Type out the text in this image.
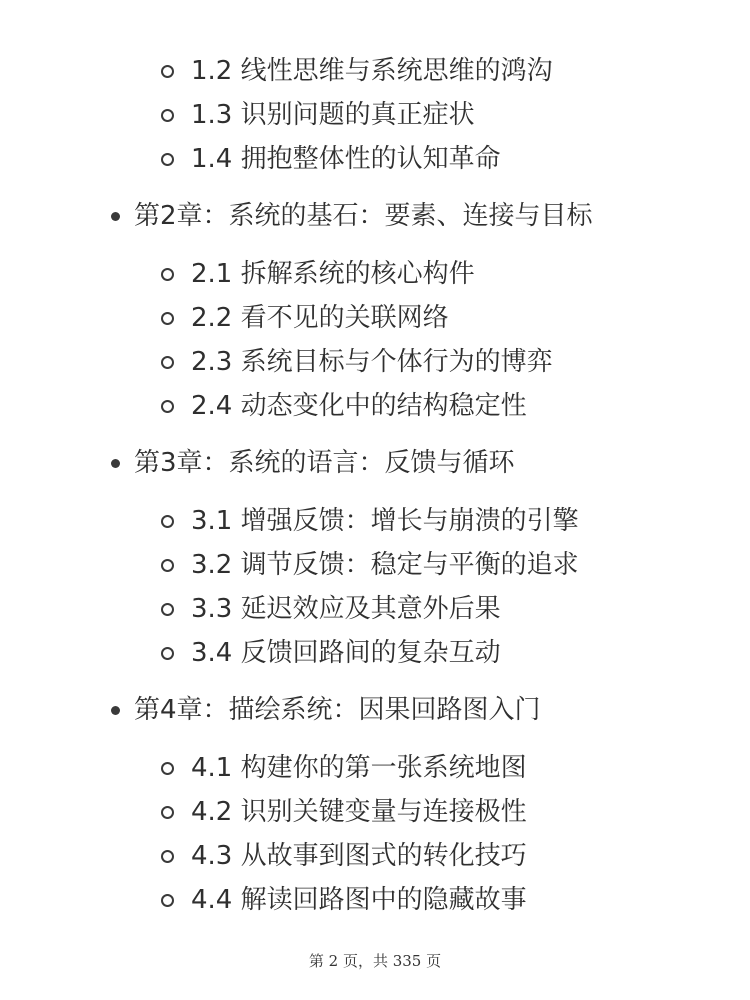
1.2 线性思维与系统思维的鸿沟
1.3 识别问题的真正症状
1.4 拥抱整体性的认知革命
第2章：系统的基石：要素、连接与目标
2.1 拆解系统的核心构件
2.2 看不见的关联网络
2.3 系统目标与个体行为的博弈
2.4 动态变化中的结构稳定性
第3章：系统的语言：反馈与循环
3.1 增强反馈：增长与崩溃的引擎
3.2 调节反馈：稳定与平衡的追求
3.3 延迟效应及其意外后果
3.4 反馈回路间的复杂互动
第4章：描绘系统：因果回路图入门
4.1 构建你的第一张系统地图
4.2 识别关键变量与连接极性
4.3 从故事到图式的转化技巧
4.4 解读回路图中的隐藏故事
第 2 页，共 335 页
